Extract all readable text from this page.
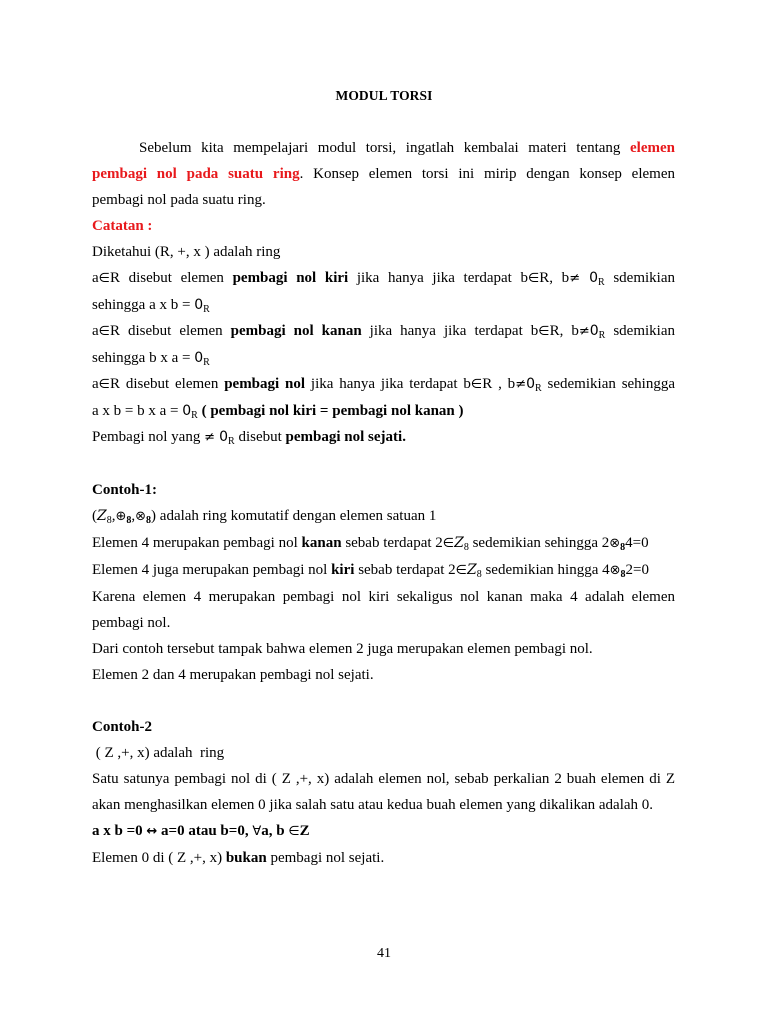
MODUL TORSI

Sebelum kita mempelajari modul torsi, ingatlah kembalai materi tentang elemen

pembagi nol pada suatu ring. Konsep elemen torsi ini mirip dengan konsep elemen

pembagi nol pada suatu ring.

Catatan :

Diketahui (R, +, x ) adalah ring

a∈R disebut elemen pembagi nol kiri jika hanya jika terdapat b∈R, $b\ne 0_R$ sdemikian

sehingga a x $b = 0_R$

a∈R disebut elemen pembagi nol kanan jika hanya jika terdapat b∈R, $b\ne 0_R$ sdemikian

sehingga b x $a = 0_R$

a∈R disebut elemen pembagi nol jika hanya jika terdapat b∈R , $b\ne 0_R$ sedemikian sehingga

a x b = b x $a = 0_R$ ( pembagi nol kiri = pembagi nol kanan )

Pembagi nol yang ≠ $0_R$ disebut pembagi nol sejati.

Contoh-1:

$(Z_8,\oplus_8,\otimes_8)$ adalah ring komutatif dengan elemen satuan 1

Elemen 4 merupakan pembagi nol kanan sebab terdapat $2\in Z_8$ sedemikian sehingga $2\otimes_84=0$

Elemen 4 juga merupakan pembagi nol kiri sebab terdapat $2\in Z_8$ sedemikian hingga $4\otimes_82=0$

Karena elemen 4 merupakan pembagi nol kiri sekaligus nol kanan maka 4 adalah elemen

pembagi nol.

Dari contoh tersebut tampak bahwa elemen 2 juga merupakan elemen pembagi nol.

Elemen 2 dan 4 merupakan pembagi nol sejati.

Contoh-2

( Z ,+, x) adalah  ring

Satu satunya pembagi nol di ( Z ,+, x) adalah elemen nol, sebab perkalian 2 buah elemen di Z

akan menghasilkan elemen 0 jika salah satu atau kedua buah elemen yang dikalikan adalah 0.

a x b =0 ↔ a=0 atau b=0, ∀a, b ∈Z

Elemen 0 di ( Z ,+, x) bukan pembagi nol sejati.

41
